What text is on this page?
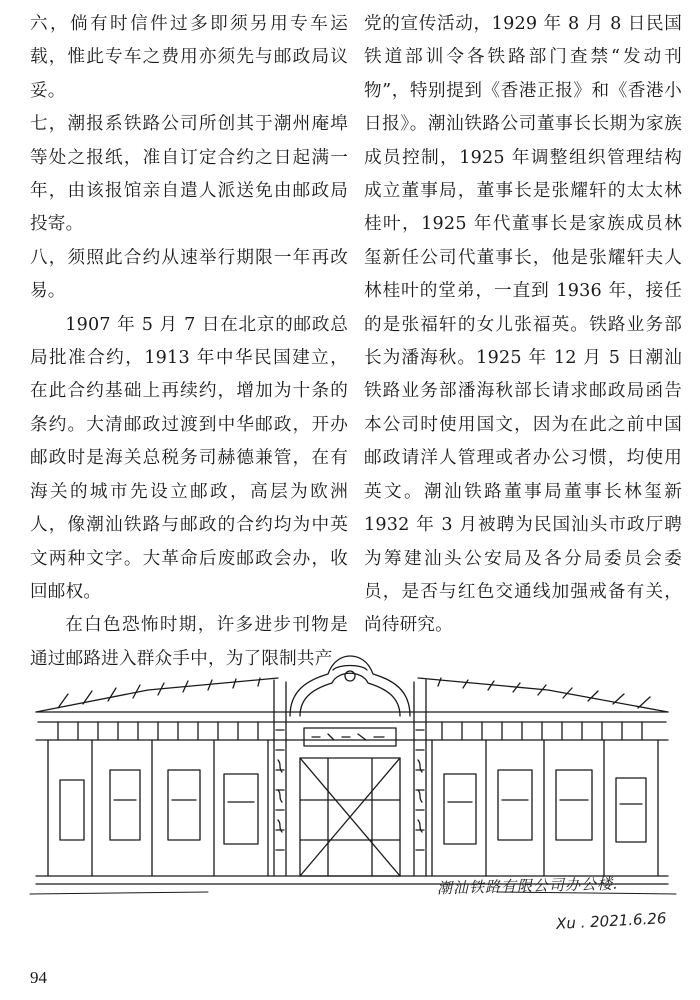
六，倘有时信件过多即须另用专车运载，惟此专车之费用亦须先与邮政局议妥。

七，潮报系铁路公司所创其于潮州庵埠等处之报纸，准自订定合约之日起满一年，由该报馆亲自遣人派送免由邮政局投寄。

八，须照此合约从速举行期限一年再改易。

1907 年 5 月 7 日在北京的邮政总局批准合约，1913 年中华民国建立，在此合约基础上再续约，增加为十条的条约。大清邮政过渡到中华邮政，开办邮政时是海关总税务司赫德兼管，在有海关的城市先设立邮政，高层为欧洲人，像潮汕铁路与邮政的合约均为中英文两种文字。大革命后废邮政会办，收回邮权。

在白色恐怖时期，许多进步刊物是通过邮路进入群众手中，为了限制共产

党的宣传活动，1929 年 8 月 8 日民国铁道部训令各铁路部门查禁“发动刊物”，特别提到《香港正报》和《香港小日报》。潮汕铁路公司董事长长期为家族成员控制，1925 年调整组织管理结构成立董事局，董事长是张耀轩的太太林桂叶，1925 年代董事长是家族成员林玺新任公司代董事长，他是张耀轩夫人林桂叶的堂弟，一直到 1936 年，接任的是张福轩的女儿张福英。铁路业务部长为潘海秋。1925 年 12 月 5 日潮汕铁路业务部潘海秋部长请求邮政局函告本公司时使用国文，因为在此之前中国邮政请洋人管理或者办公习惯，均使用英文。潮汕铁路董事局董事长林玺新 1932 年 3 月被聘为民国汕头市政厅聘为筹建汕头公安局及各分局委员会委员，是否与红色交通线加强戒备有关，尚待研究。

潮汕铁路有限公司办公楼.
Xu . 2021.6.26
94
